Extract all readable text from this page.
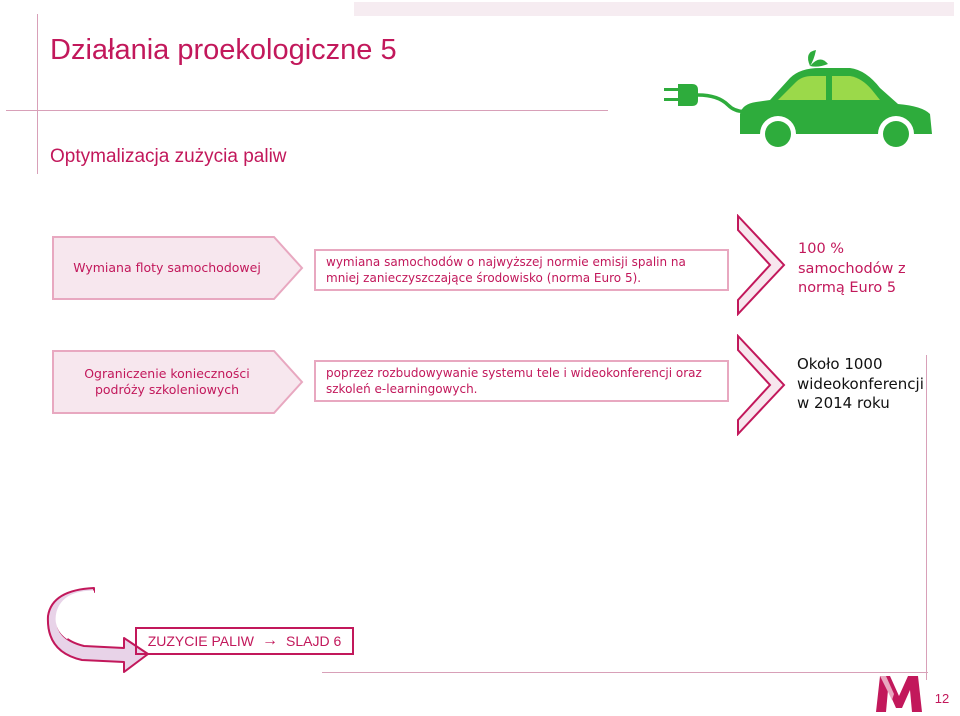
Działania proekologiczne 5
Optymalizacja zużycia paliw
Wymiana floty samochodowej	wymiana samochodów o najwyższej normie emisji spalin na mniej zanieczyszczające środowisko (norma Euro 5).
100 %
samochodów z
normą Euro 5
Ograniczenie konieczności podróży szkoleniowych
poprzez rozbudowywanie systemu tele i wideokonferencji oraz szkoleń e-learningowych.
Około 1000
wideokonferencji
w 2014 roku
ZUZYCIE PALIW → SLAJD 6
12
